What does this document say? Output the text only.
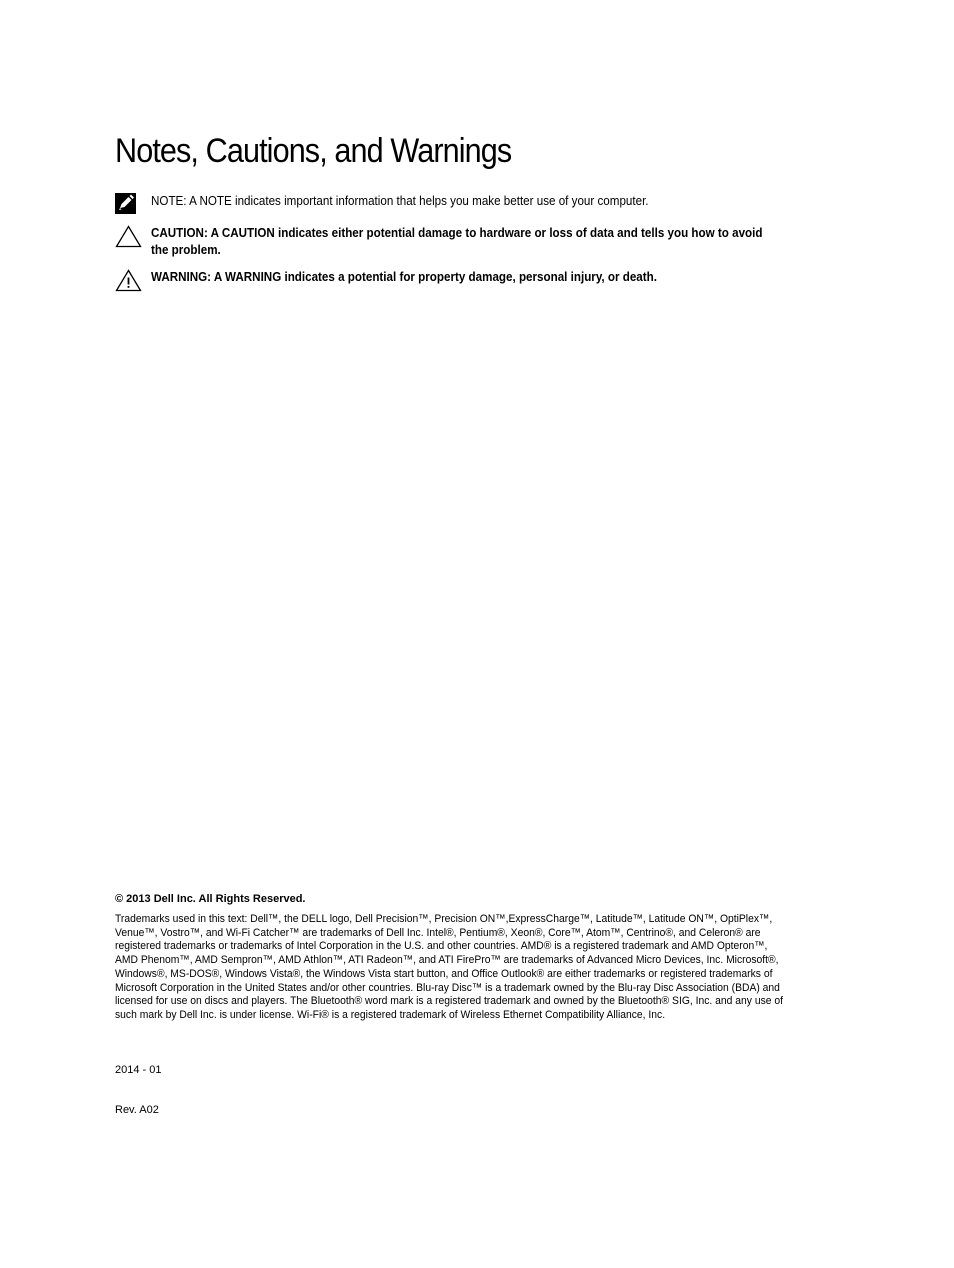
Notes, Cautions, and Warnings
NOTE: A NOTE indicates important information that helps you make better use of your computer.
CAUTION: A CAUTION indicates either potential damage to hardware or loss of data and tells you how to avoid the problem.
WARNING: A WARNING indicates a potential for property damage, personal injury, or death.

© 2013 Dell Inc. All Rights Reserved.

Trademarks used in this text: Dell™, the DELL logo, Dell Precision™, Precision ON™,ExpressCharge™, Latitude™, Latitude ON™, OptiPlex™, Venue™, Vostro™, and Wi-Fi Catcher™ are trademarks of Dell Inc. Intel®, Pentium®, Xeon®, Core™, Atom™, Centrino®, and Celeron® are registered trademarks or trademarks of Intel Corporation in the U.S. and other countries. AMD® is a registered trademark and AMD Opteron™, AMD Phenom™, AMD Sempron™, AMD Athlon™, ATI Radeon™, and ATI FirePro™ are trademarks of Advanced Micro Devices, Inc. Microsoft®, Windows®, MS-DOS®, Windows Vista®, the Windows Vista start button, and Office Outlook® are either trademarks or registered trademarks of Microsoft Corporation in the United States and/or other countries. Blu-ray Disc™ is a trademark owned by the Blu-ray Disc Association (BDA) and licensed for use on discs and players. The Bluetooth® word mark is a registered trademark and owned by the Bluetooth® SIG, Inc. and any use of such mark by Dell Inc. is under license. Wi-Fi® is a registered trademark of Wireless Ethernet Compatibility Alliance, Inc.

2014 - 01

Rev. A02
